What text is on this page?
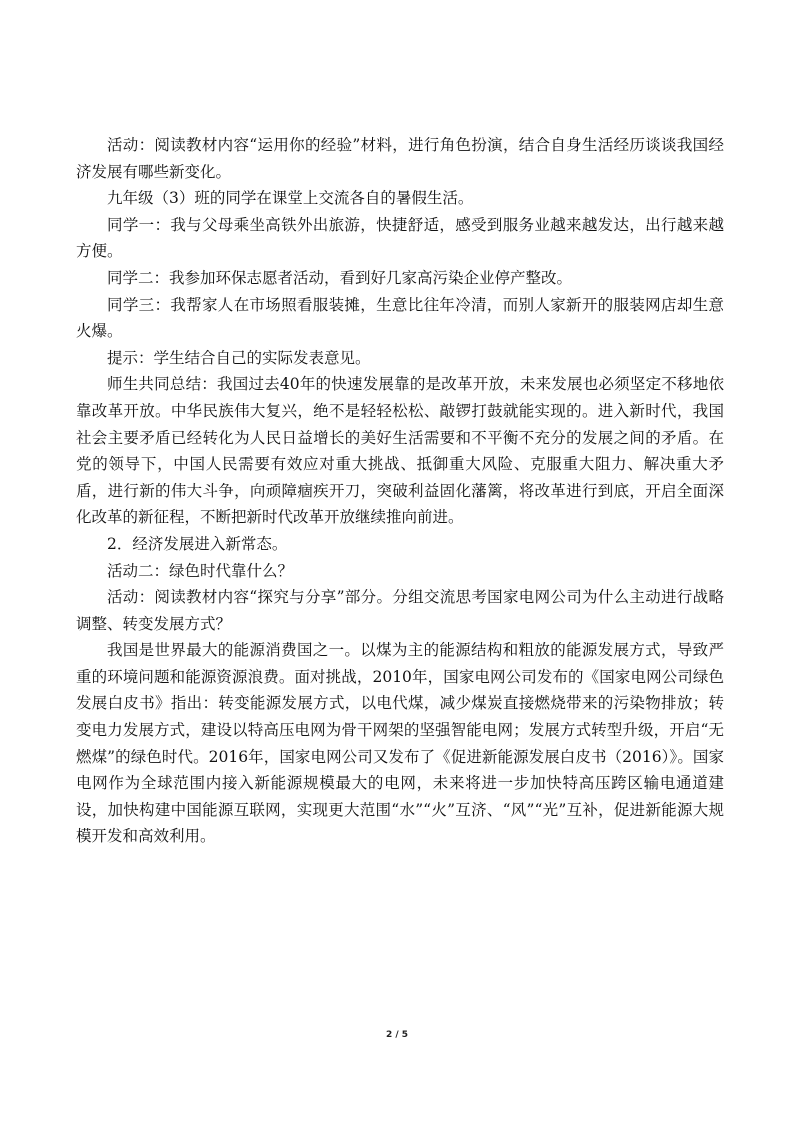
活动：阅读教材内容“运用你的经验”材料，进行角色扮演，结合自身生活经历谈谈我国经济发展有哪些新变化。

九年级（3）班的同学在课堂上交流各自的暑假生活。

同学一：我与父母乘坐高铁外出旅游，快捷舒适，感受到服务业越来越发达，出行越来越方便。

同学二：我参加环保志愿者活动，看到好几家高污染企业停产整改。

同学三：我帮家人在市场照看服装摊，生意比往年冷清，而别人家新开的服装网店却生意火爆。

提示：学生结合自己的实际发表意见。

师生共同总结：我国过去40年的快速发展靠的是改革开放，未来发展也必须坚定不移地依靠改革开放。中华民族伟大复兴，绝不是轻轻松松、敲锣打鼓就能实现的。进入新时代，我国社会主要矛盾已经转化为人民日益增长的美好生活需要和不平衡不充分的发展之间的矛盾。在党的领导下，中国人民需要有效应对重大挑战、抵御重大风险、克服重大阻力、解决重大矛盾，进行新的伟大斗争，向顽障痼疾开刀，突破利益固化藩篱，将改革进行到底，开启全面深化改革的新征程，不断把新时代改革开放继续推向前进。

2．经济发展进入新常态。

活动二：绿色时代靠什么？

活动：阅读教材内容“探究与分享”部分。分组交流思考国家电网公司为什么主动进行战略调整、转变发展方式？

我国是世界最大的能源消费国之一。以煤为主的能源结构和粗放的能源发展方式，导致严重的环境问题和能源资源浪费。面对挑战，2010年，国家电网公司发布的《国家电网公司绿色发展白皮书》指出：转变能源发展方式，以电代煤，减少煤炭直接燃烧带来的污染物排放；转变电力发展方式，建设以特高压电网为骨干网架的坚强智能电网；发展方式转型升级，开启“无燃煤”的绿色时代。2016年，国家电网公司又发布了《促进新能源发展白皮书（2016）》。国家电网作为全球范围内接入新能源规模最大的电网，未来将进一步加快特高压跨区输电通道建设，加快构建中国能源互联网，实现更大范围“水”“火”互济、“风”“光”互补，促进新能源大规模开发和高效利用。

2 / 5
